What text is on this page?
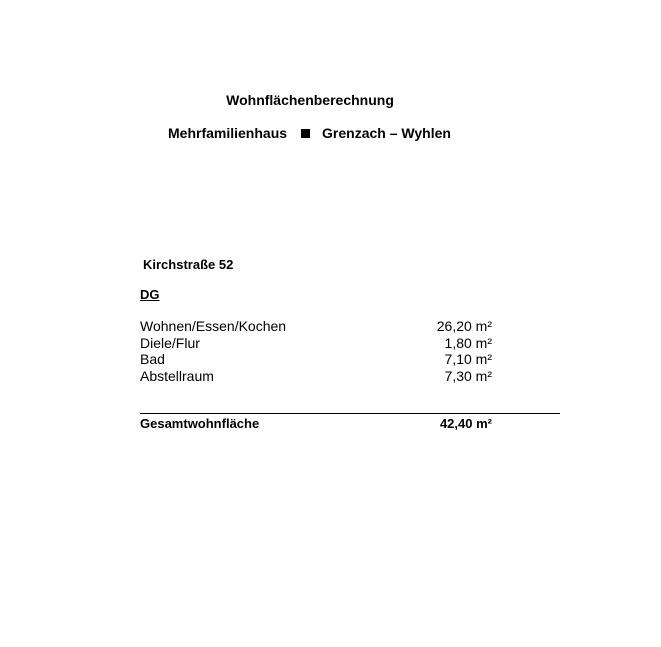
Wohnflächenberechnung
Mehrfamilienhaus	Grenzach – Wyhlen
Kirchstraße 52
DG
Wohnen/Essen/Kochen	26,20 m²
Diele/Flur	1,80 m²
Bad	7,10 m²
Abstellraum	7,30 m²
Gesamtwohnfläche	42,40 m²
